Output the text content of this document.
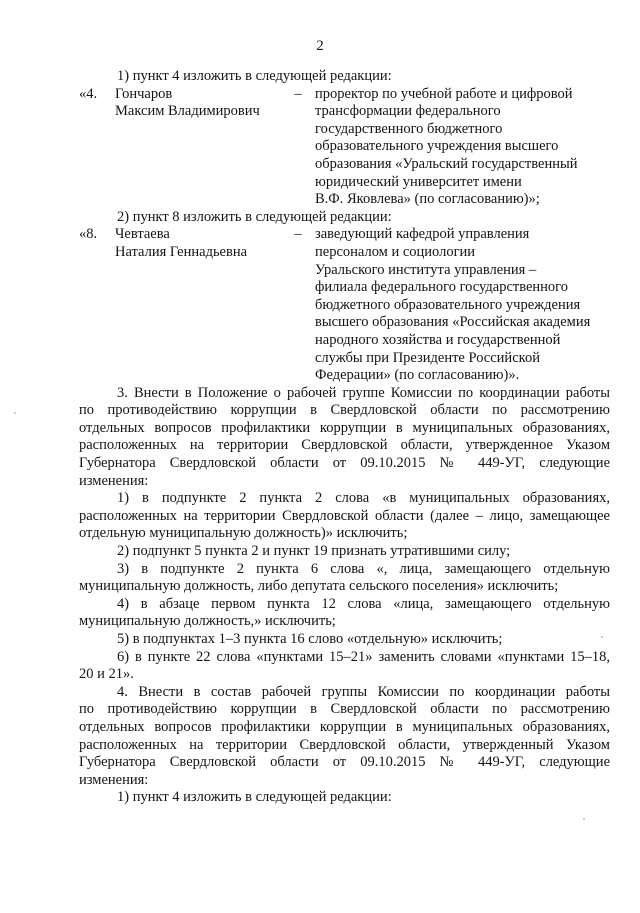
2

1) пункт 4 изложить в следующей редакции:

«4.	Гончаров
Максим Владимирович
– проректор по учебной работе и цифровой
трансформации федерального
государственного бюджетного
образовательного учреждения высшего
образования «Уральский государственный
юридический университет имени
В.Ф. Яковлева» (по согласованию)»;

2) пункт 8 изложить в следующей редакции:

«8.	Чевтаева
Наталия Геннадьевна
– заведующий кафедрой управления
персоналом и социологии
Уральского института управления –
филиала федерального государственного
бюджетного образовательного учреждения
высшего образования «Российская академия
народного хозяйства и государственной
службы при Президенте Российской
Федерации» (по согласованию)».

3. Внести в Положение о рабочей группе Комиссии по координации работы

по противодействию коррупции в Свердловской области по рассмотрению

отдельных вопросов профилактики коррупции в муниципальных образованиях,

расположенных на территории Свердловской области, утвержденное Указом

Губернатора Свердловской области от 09.10.2015 № 449-УГ, следующие

изменения:

1) в подпункте 2 пункта 2 слова «в муниципальных образованиях,

расположенных на территории Свердловской области (далее – лицо, замещающее

отдельную муниципальную должность)» исключить;

2) подпункт 5 пункта 2 и пункт 19 признать утратившими силу;

3) в подпункте 2 пункта 6 слова «, лица, замещающего отдельную

муниципальную должность, либо депутата сельского поселения» исключить;

4) в абзаце первом пункта 12 слова «лица, замещающего отдельную

муниципальную должность,» исключить;

5) в подпунктах 1–3 пункта 16 слово «отдельную» исключить;

6) в пункте 22 слова «пунктами 15–21» заменить словами «пунктами 15–18,

20 и 21».

4. Внести в состав рабочей группы Комиссии по координации работы

по противодействию коррупции в Свердловской области по рассмотрению

отдельных вопросов профилактики коррупции в муниципальных образованиях,

расположенных на территории Свердловской области, утвержденный Указом

Губернатора Свердловской области от 09.10.2015 № 449-УГ, следующие

изменения:

1) пункт 4 изложить в следующей редакции:
